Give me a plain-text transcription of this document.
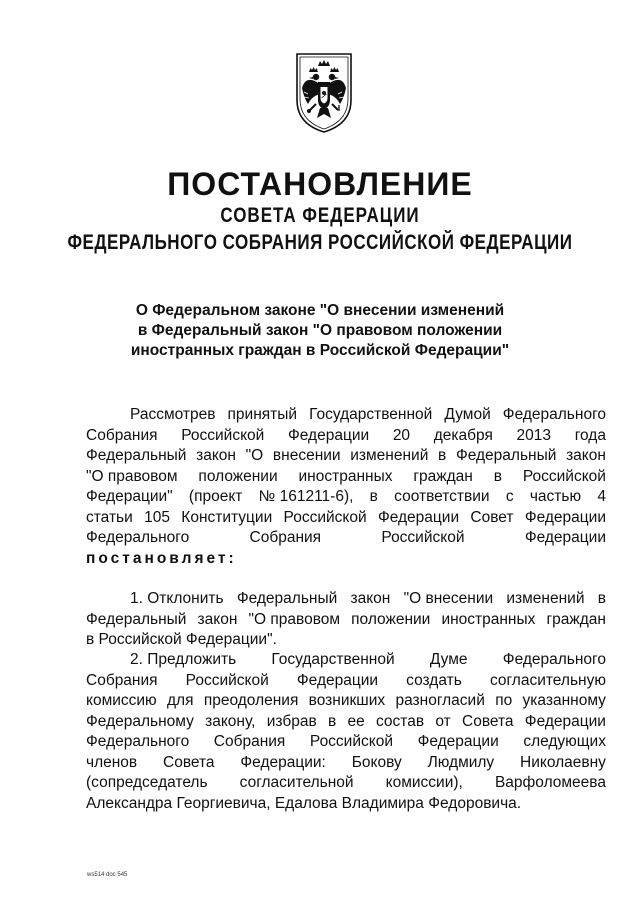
ПОСТАНОВЛЕНИЕ
СОВЕТА ФЕДЕРАЦИИ
ФЕДЕРАЛЬНОГО СОБРАНИЯ РОССИЙСКОЙ ФЕДЕРАЦИИ
О Федеральном законе "О внесении изменений
в Федеральный закон "О правовом положении
иностранных граждан в Российской Федерации"
Рассмотрев принятый Государственной Думой Федерального
Собрания Российской Федерации 20 декабря 2013 года
Федеральный закон "О внесении изменений в Федеральный закон
"О правовом положении иностранных граждан в Российской
Федерации" (проект № 161211-6), в соответствии с частью 4
статьи 105 Конституции Российской Федерации Совет Федерации
Федерального	Собрания	Российской	Федерации
постановляет:
1. Отклонить Федеральный закон "О внесении изменений в
Федеральный закон "О правовом положении иностранных граждан
в Российской Федерации".
2. Предложить Государственной Думе Федерального
Собрания Российской Федерации создать согласительную
комиссию для преодоления возникших разногласий по указанному
Федеральному закону, избрав в ее состав от Совета Федерации
Федерального Собрания Российской Федерации следующих
членов Совета Федерации: Бокову Людмилу Николаевну
(сопредседатель согласительной комиссии), Варфоломеева
Александра Георгиевича, Едалова Владимира Федоровича.
ws514 doc 545
